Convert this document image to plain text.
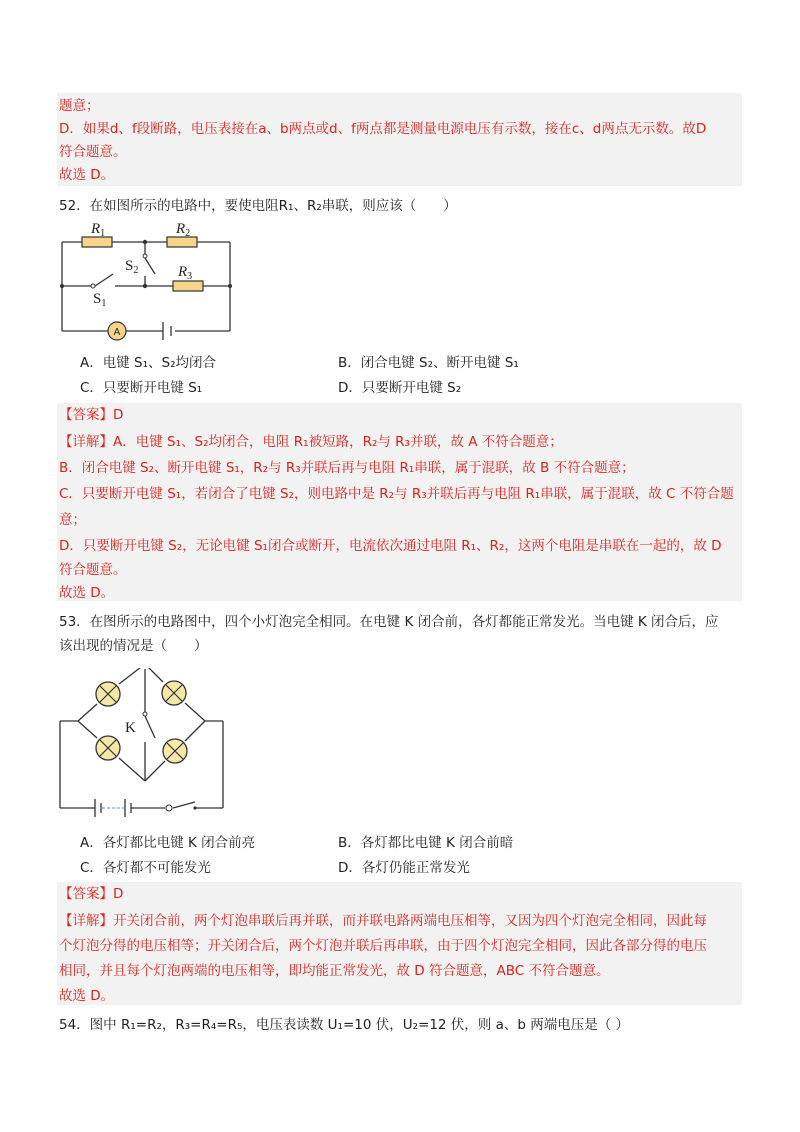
题意；
D．如果d、f段断路，电压表接在a、b两点或d、f两点都是测量电源电压有示数，接在c、d两点无示数。故D
符合题意。
故选 D。
52．在如图所示的电路中，要使电阻R₁、R₂串联，则应该（　　）
A
$R_1$	$R_2$
$R_3$
$S_2$
$S_1$
A．电键 S₁、S₂均闭合	B．闭合电键 S₂、断开电键 S₁
C．只要断开电键 S₁	D．只要断开电键 S₂
【答案】D
【详解】A．电键 S₁、S₂均闭合，电阻 R₁被短路，R₂与 R₃并联，故 A 不符合题意；
B．闭合电键 S₂、断开电键 S₁，R₂与 R₃并联后再与电阻 R₁串联，属于混联，故 B 不符合题意；
C．只要断开电键 S₁，若闭合了电键 S₂，则电路中是 R₂与 R₃并联后再与电阻 R₁串联，属于混联，故 C 不符合题
意；
D．只要断开电键 S₂，无论电键 S₁闭合或断开，电流依次通过电阻 R₁、R₂，这两个电阻是串联在一起的，故 D
符合题意。
故选 D。
53．在图所示的电路图中，四个小灯泡完全相同。在电键 K 闭合前，各灯都能正常发光。当电键 K 闭合后，应
该出现的情况是（　　）
K
A．各灯都比电键 K 闭合前亮	B．各灯都比电键 K 闭合前暗
C．各灯都不可能发光	D．各灯仍能正常发光
【答案】D
【详解】开关闭合前，两个灯泡串联后再并联，而并联电路两端电压相等，又因为四个灯泡完全相同，因此每
个灯泡分得的电压相等；开关闭合后，两个灯泡并联后再串联，由于四个灯泡完全相同，因此各部分得的电压
相同，并且每个灯泡两端的电压相等，即均能正常发光，故 D 符合题意，ABC 不符合题意。
故选 D。
54．图中 R₁=R₂，R₃=R₄=R₅，电压表读数 U₁=10 伏，U₂=12 伏，则 a、b 两端电压是（ ）
